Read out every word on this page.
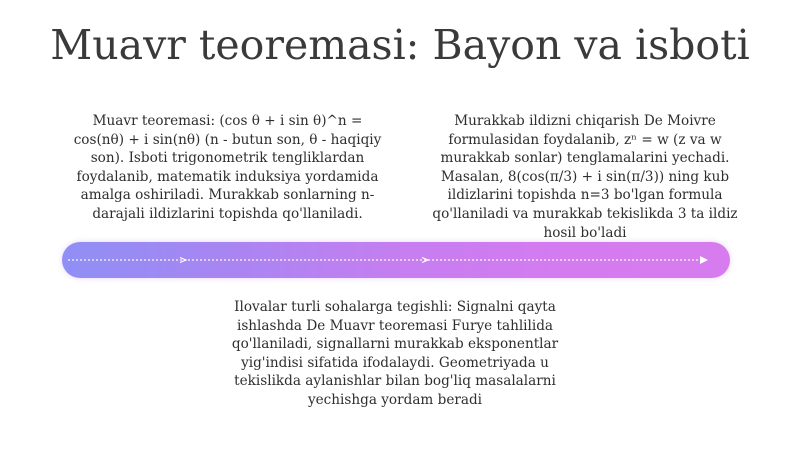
Muavr teoremasi: Bayon va isboti
Muavr teoremasi: (cos θ + i sin θ)^n = cos(nθ) + i sin(nθ) (n - butun son, θ - haqiqiy son). Isboti trigonometrik tengliklardan foydalanib, matematik induksiya yordamida amalga oshiriladi. Murakkab sonlarning n-darajali ildizlarini topishda qo'llaniladi.
Murakkab ildizni chiqarish De Moivre formulasidan foydalanib, zⁿ = w (z va w murakkab sonlar) tenglamalarini yechadi. Masalan, 8(cos(π/3) + i sin(π/3)) ning kub ildizlarini topishda n=3 bo'lgan formula qo'llaniladi va murakkab tekislikda 3 ta ildiz hosil bo'ladi
Ilovalar turli sohalarga tegishli: Signalni qayta ishlashda De Muavr teoremasi Furye tahlilida qo'llaniladi, signallarni murakkab eksponentlar yig'indisi sifatida ifodalaydi. Geometriyada u tekislikda aylanishlar bilan bog'liq masalalarni yechishga yordam beradi
